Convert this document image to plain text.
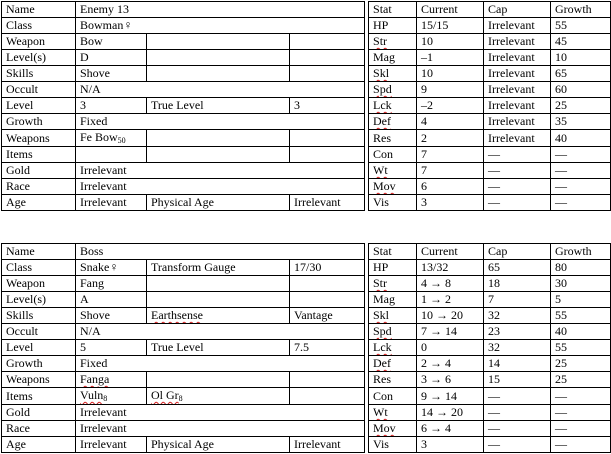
Name	Enemy 13				Stat	Current	Cap	Growth
Class	Bowman♀				HP	15/15	Irrelevant	55
Weapon	Bow				Str	10	Irrelevant	45
Level(s)	D				Mag	–1	Irrelevant	10
Skills	Shove				Skl	10	Irrelevant	65
Occult	N/A				Spd	9	Irrelevant	60
Level	3	True Level	3		Lck	–2	Irrelevant	25
Growth	Fixed				Def	4	Irrelevant	35
Weapons	Fe Bow$_{50}$				Res	2	Irrelevant	40
Items					Con	7	—	—
Gold	Irrelevant				Wt	7	—	—
Race	Irrelevant				Mov	6	—	—
Age	Irrelevant	Physical Age	Irrelevant		Vis	3	—	—
Name	Boss				Stat	Current	Cap	Growth
Class	Snake♀	Transform Gauge	17/30		HP	13/32	65	80
Weapon	Fang				Str	4 → 8	18	30
Level(s)	A				Mag	1 → 2	7	5
Skills	Shove	Earthsense	Vantage		Skl	10 → 20	32	55
Occult	N/A				Spd	7 → 14	23	40
Level	5	True Level	7.5		Lck	0	32	55
Growth	Fixed				Def	2 → 4	14	25
Weapons	Fanga				Res	3 → 6	15	25
Items	Vuln$_8$	Ol $Gr_8$			Con	9 → 14	—	—
Gold	Irrelevant				Wt	14 → 20	—	—
Race	Irrelevant				Mov	6 → 4	—	—
Age	Irrelevant	Physical Age	Irrelevant		Vis	3	—	—
